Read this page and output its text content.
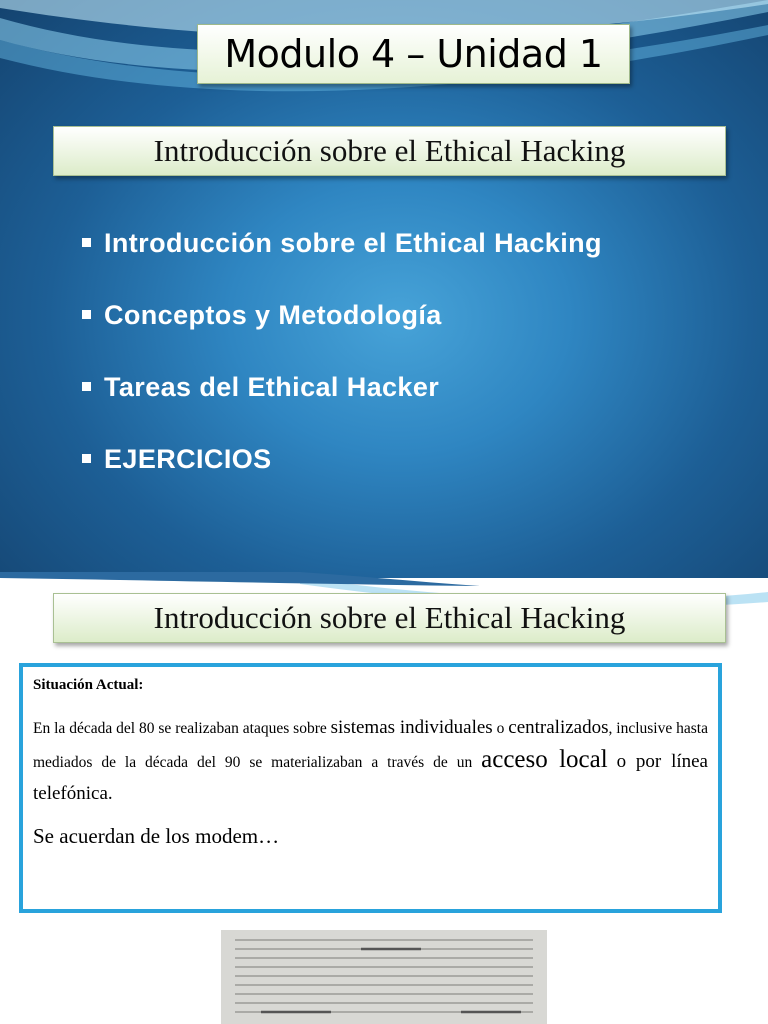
Modulo 4 – Unidad 1
Introducción sobre el Ethical Hacking
Introducción sobre el Ethical Hacking
Conceptos y Metodología
Tareas del Ethical Hacker
EJERCICIOS
Introducción sobre el Ethical Hacking
Situación Actual:
En la década del 80 se realizaban ataques sobre sistemas individuales o centralizados, inclusive hasta mediados de la década del 90 se materializaban a través de un acceso local o por línea telefónica.
Se acuerdan de los modem…
